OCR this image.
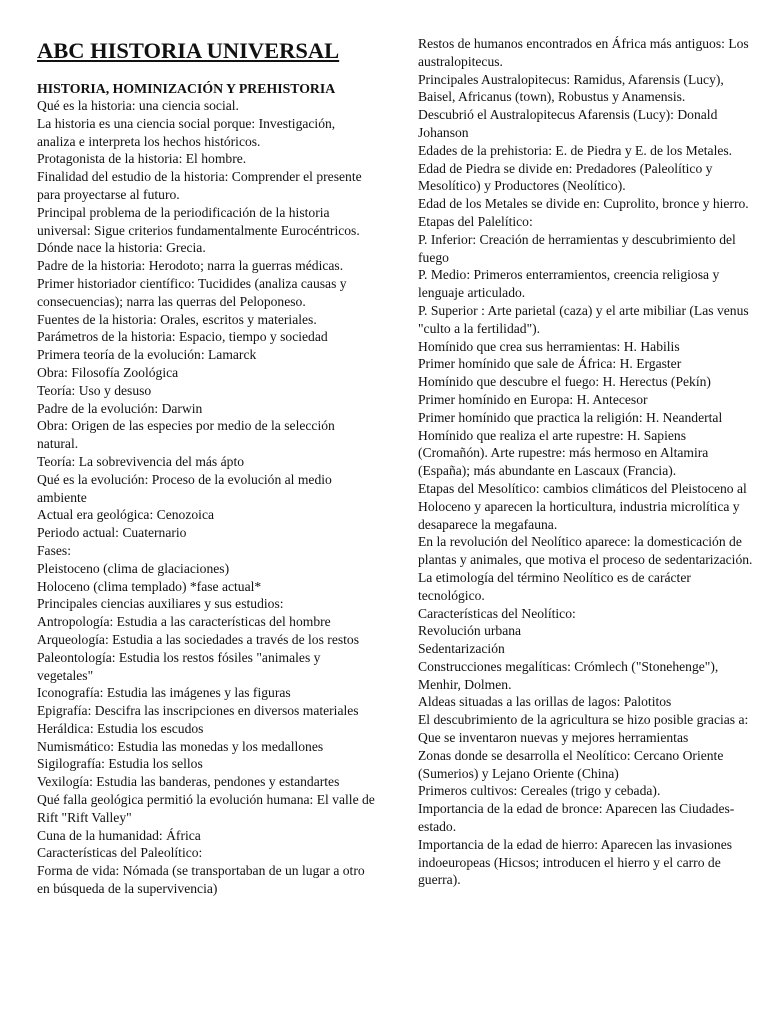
ABC HISTORIA UNIVERSAL
HISTORIA, HOMINIZACIÓN Y PREHISTORIA
Qué es la historia: una ciencia social.
La historia es una ciencia social porque: Investigación, analiza e interpreta los hechos históricos.
Protagonista de la historia: El hombre.
Finalidad del estudio de la historia: Comprender el presente para proyectarse al futuro.
Principal problema de la periodificación de la historia universal: Sigue criterios fundamentalmente Eurocéntricos.
Dónde nace la historia: Grecia.
Padre de la historia: Herodoto; narra la guerras médicas.
Primer historiador científico: Tucidides (analiza causas y consecuencias); narra las querras del Peloponeso.
Fuentes de la historia: Orales, escritos y materiales.
Parámetros de la historia: Espacio, tiempo y sociedad
Primera teoría de la evolución: Lamarck
Obra: Filosofía Zoológica
Teoría: Uso y desuso
Padre de la evolución: Darwin
Obra: Origen de las especies por medio de la selección natural.
Teoría: La sobrevivencia del más ápto
Qué es la evolución: Proceso de la evolución al medio ambiente
Actual era geológica: Cenozoica
Periodo actual: Cuaternario
Fases:
Pleistoceno (clima de glaciaciones)
Holoceno (clima templado) *fase actual*
Principales ciencias auxiliares y sus estudios:
Antropología: Estudia a las características del hombre
Arqueología: Estudia a las sociedades a través de los restos
Paleontología: Estudia los restos fósiles "animales y vegetales"
Iconografía: Estudia las imágenes y las figuras
Epigrafía: Descifra las inscripciones en diversos materiales
Heráldica: Estudia los escudos
Numismático: Estudia las monedas y los medallones
Sigilografía: Estudia los sellos
Vexilogía: Estudia las banderas, pendones y estandartes
Qué falla geológica permitió la evolución humana: El valle de Rift "Rift Valley"
Cuna de la humanidad: África
Características del Paleolítico:
Forma de vida: Nómada (se transportaban de un lugar a otro en búsqueda de la supervivencia)
Restos de humanos encontrados en África más antiguos: Los australopitecus.
Principales Australopitecus: Ramidus, Afarensis (Lucy), Baisel, Africanus (town), Robustus y Anamensis.
Descubrió el Australopitecus Afarensis (Lucy): Donald Johanson
Edades de la prehistoria: E. de Piedra y E. de los Metales.
Edad de Piedra se divide en: Predadores (Paleolítico y Mesolítico) y Productores (Neolítico).
Edad de los Metales se divide en: Cuprolito, bronce y hierro.
Etapas del Palelítico:
P. Inferior: Creación de herramientas y descubrimiento del fuego
P. Medio: Primeros enterramientos, creencia religiosa y lenguaje articulado.
P. Superior : Arte parietal (caza) y el arte mibiliar (Las venus "culto a la fertilidad").
Homínido que crea sus herramientas: H. Habilis
Primer homínido que sale de África: H. Ergaster
Homínido que descubre el fuego: H. Herectus (Pekín)
Primer homínido en Europa: H. Antecesor
Primer homínido que practica la religión: H. Neandertal
Homínido que realiza el arte rupestre: H. Sapiens (Cromañón). Arte rupestre: más hermoso en Altamira (España); más abundante en Lascaux (Francia).
Etapas del Mesolítico: cambios climáticos del Pleistoceno al Holoceno y aparecen la horticultura, industria microlítica y desaparece la megafauna.
En la revolución del Neolítico aparece: la domesticación de plantas y animales, que motiva el proceso de sedentarización.
La etimología del término Neolítico es de carácter tecnológico.
Características del Neolítico:
Revolución urbana
Sedentarización
Construcciones megalíticas: Crómlech ("Stonehenge"), Menhir, Dolmen.
Aldeas situadas a las orillas de lagos: Palotitos
El descubrimiento de la agricultura se hizo posible gracias a: Que se inventaron nuevas y mejores herramientas
Zonas donde se desarrolla el Neolítico: Cercano Oriente (Sumerios) y Lejano Oriente (China)
Primeros cultivos: Cereales (trigo y cebada).
Importancia de la edad de bronce: Aparecen las Ciudades-estado.
Importancia de la edad de hierro: Aparecen las invasiones indoeuropeas (Hicsos; introducen el hierro y el carro de guerra).
